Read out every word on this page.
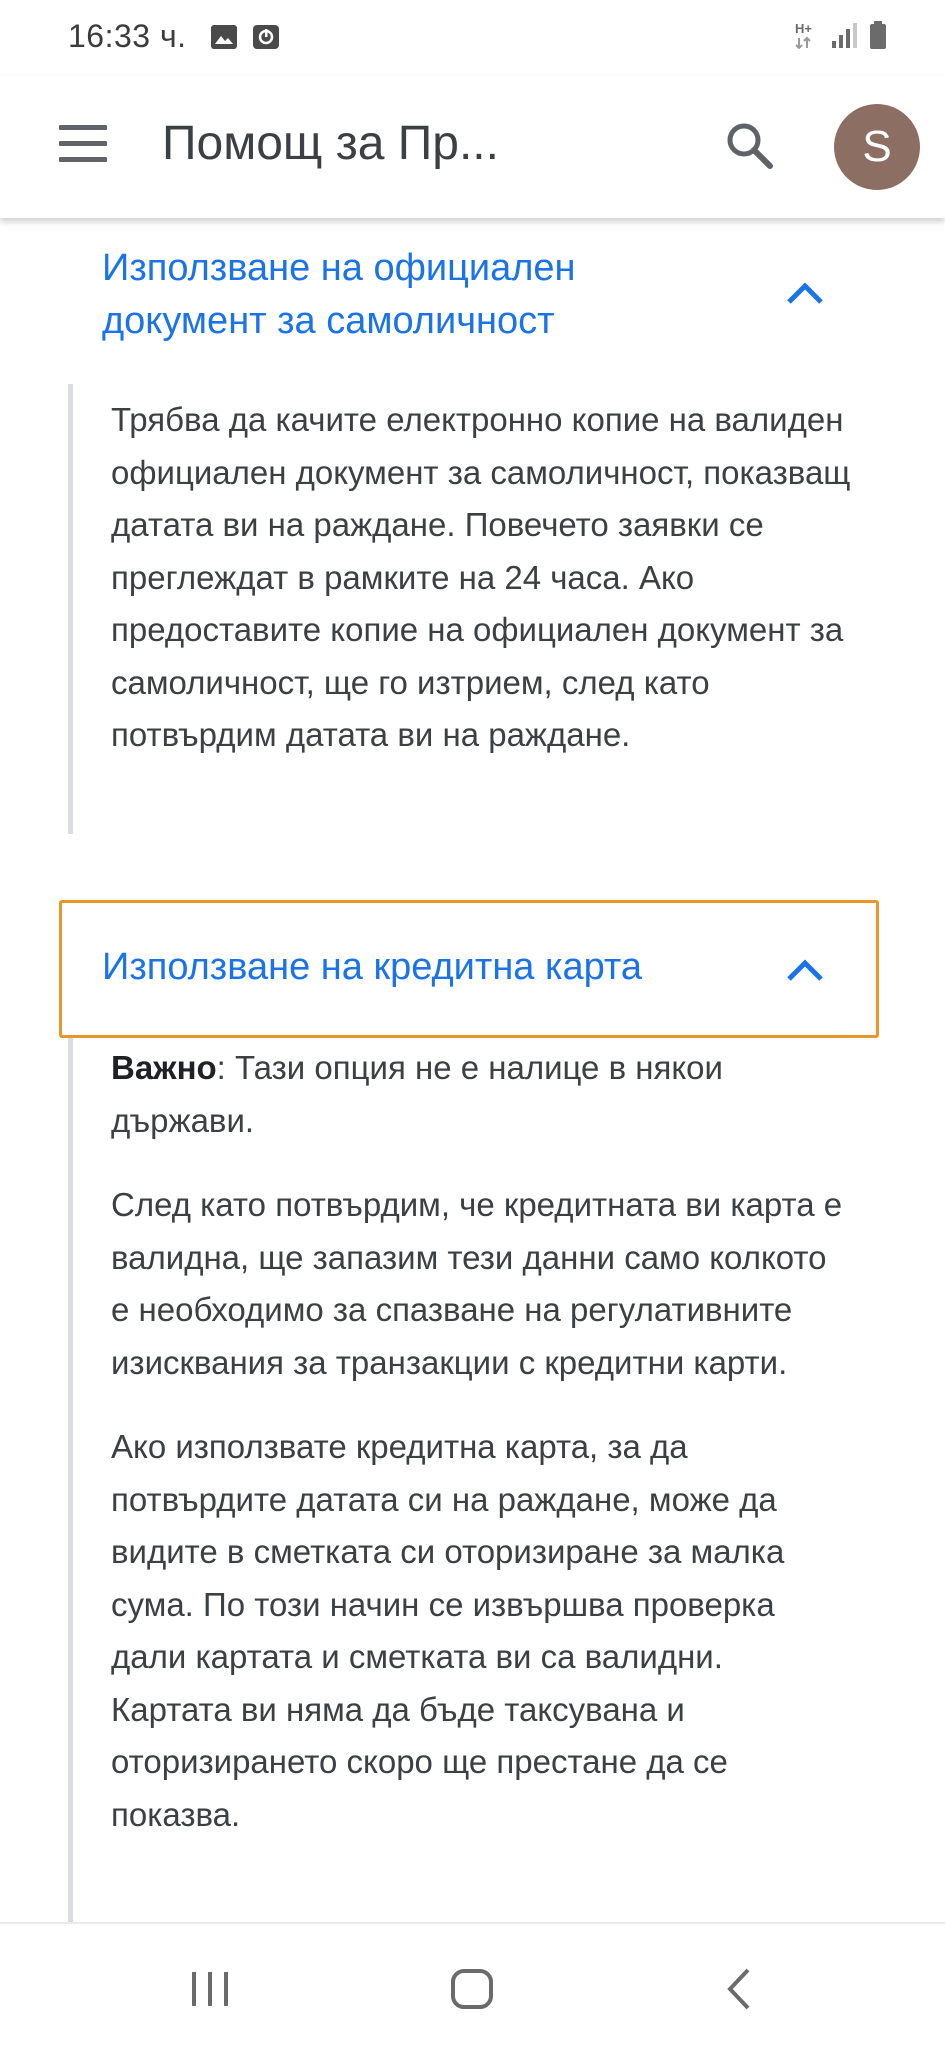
16:33 ч.	H+
Помощ за Пр...	S
Използване на официален документ за самоличност

Трябва да качите електронно копие на валиден официален документ за самоличност, показващ датата ви на раждане. Повечето заявки се преглеждат в рамките на 24 часа. Ако предоставите копие на официален документ за самоличност, ще го изтрием, след като потвърдим датата ви на раждане.

Използване на кредитна карта

Важно: Тази опция не е налице в някои държави.

След като потвърдим, че кредитната ви карта е валидна, ще запазим тези данни само колкото е необходимо за спазване на регулативните изисквания за транзакции с кредитни карти.

Ако използвате кредитна карта, за да потвърдите датата си на раждане, може да видите в сметката си оторизиране за малка сума. По този начин се извършва проверка дали картата и сметката ви са валидни. Картата ви няма да бъде таксувана и оторизирането скоро ще престане да се показва.
